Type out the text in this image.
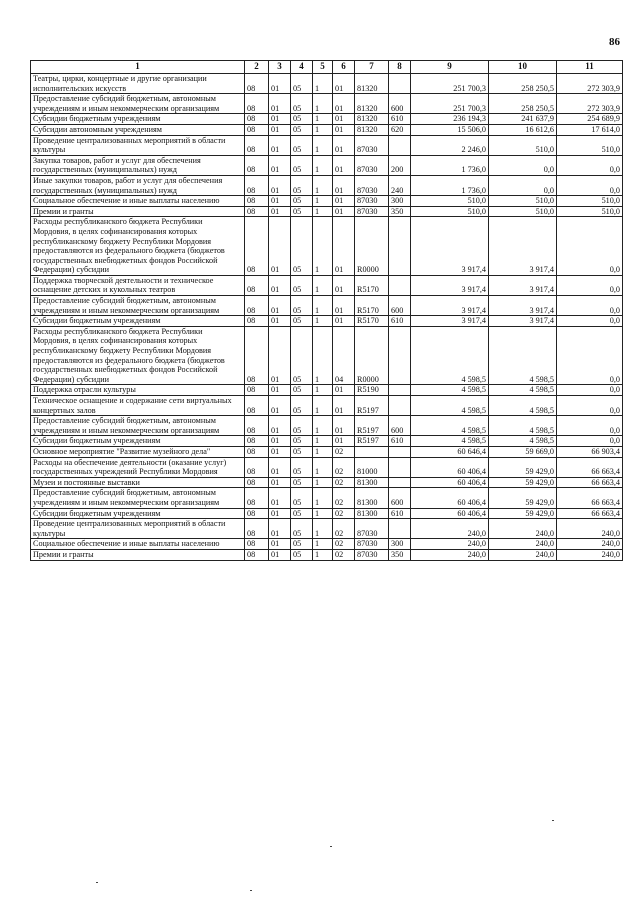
86
1	2	3	4	5	6	7	8	9	10	11
Театры, цирки, концертные и другие организации исполнительских искусств	08	01	05	1	01	81320		251 700,3	258 250,5	272 303,9
Предоставление субсидий бюджетным, автономным учреждениям и иным некоммерческим организациям	08	01	05	1	01	81320	600	251 700,3	258 250,5	272 303,9
Субсидии бюджетным учреждениям	08	01	05	1	01	81320	610	236 194,3	241 637,9	254 689,9
Субсидии автономным учреждениям	08	01	05	1	01	81320	620	15 506,0	16 612,6	17 614,0
Проведение централизованных мероприятий в области культуры	08	01	05	1	01	87030		2 246,0	510,0	510,0
Закупка товаров, работ и услуг для обеспечения государственных (муниципальных) нужд	08	01	05	1	01	87030	200	1 736,0	0,0	0,0
Иные закупки товаров, работ и услуг для обеспечения государственных (муниципальных) нужд	08	01	05	1	01	87030	240	1 736,0	0,0	0,0
Социальное обеспечение и иные выплаты населению	08	01	05	1	01	87030	300	510,0	510,0	510,0
Премии и гранты	08	01	05	1	01	87030	350	510,0	510,0	510,0
Расходы республиканского бюджета Республики Мордовия, в целях софинансирования которых республиканскому бюджету Республики Мордовия предоставляются из федерального бюджета (бюджетов государственных внебюджетных фондов Российской Федерации) субсидии	08	01	05	1	01	R0000		3 917,4	3 917,4	0,0
Поддержка творческой деятельности и техническое оснащение детских и кукольных театров	08	01	05	1	01	R5170		3 917,4	3 917,4	0,0
Предоставление субсидий бюджетным, автономным учреждениям и иным некоммерческим организациям	08	01	05	1	01	R5170	600	3 917,4	3 917,4	0,0
Субсидии бюджетным учреждениям	08	01	05	1	01	R5170	610	3 917,4	3 917,4	0,0
Расходы республиканского бюджета Республики Мордовия, в целях софинансирования которых республиканскому бюджету Республики Мордовия предоставляются из федерального бюджета (бюджетов государственных внебюджетных фондов Российской Федерации) субсидии	08	01	05	1	04	R0000		4 598,5	4 598,5	0,0
Поддержка отрасли культуры	08	01	05	1	01	R5190		4 598,5	4 598,5	0,0
Техническое оснащение и содержание сети виртуальных концертных залов	08	01	05	1	01	R5197		4 598,5	4 598,5	0,0
Предоставление субсидий бюджетным, автономным учреждениям и иным некоммерческим организациям	08	01	05	1	01	R5197	600	4 598,5	4 598,5	0,0
Субсидии бюджетным учреждениям	08	01	05	1	01	R5197	610	4 598,5	4 598,5	0,0
Основное мероприятие "Развитие музейного дела"	08	01	05	1	02			60 646,4	59 669,0	66 903,4
Расходы на обеспечение деятельности (оказание услуг) государственных учреждений Республики Мордовия	08	01	05	1	02	81000		60 406,4	59 429,0	66 663,4
Музеи и постоянные выставки	08	01	05	1	02	81300		60 406,4	59 429,0	66 663,4
Предоставление субсидий бюджетным, автономным учреждениям и иным некоммерческим организациям	08	01	05	1	02	81300	600	60 406,4	59 429,0	66 663,4
Субсидии бюджетным учреждениям	08	01	05	1	02	81300	610	60 406,4	59 429,0	66 663,4
Проведение централизованных мероприятий в области культуры	08	01	05	1	02	87030		240,0	240,0	240,0
Социальное обеспечение и иные выплаты населению	08	01	05	1	02	87030	300	240,0	240,0	240,0
Премии и гранты	08	01	05	1	02	87030	350	240,0	240,0	240,0
